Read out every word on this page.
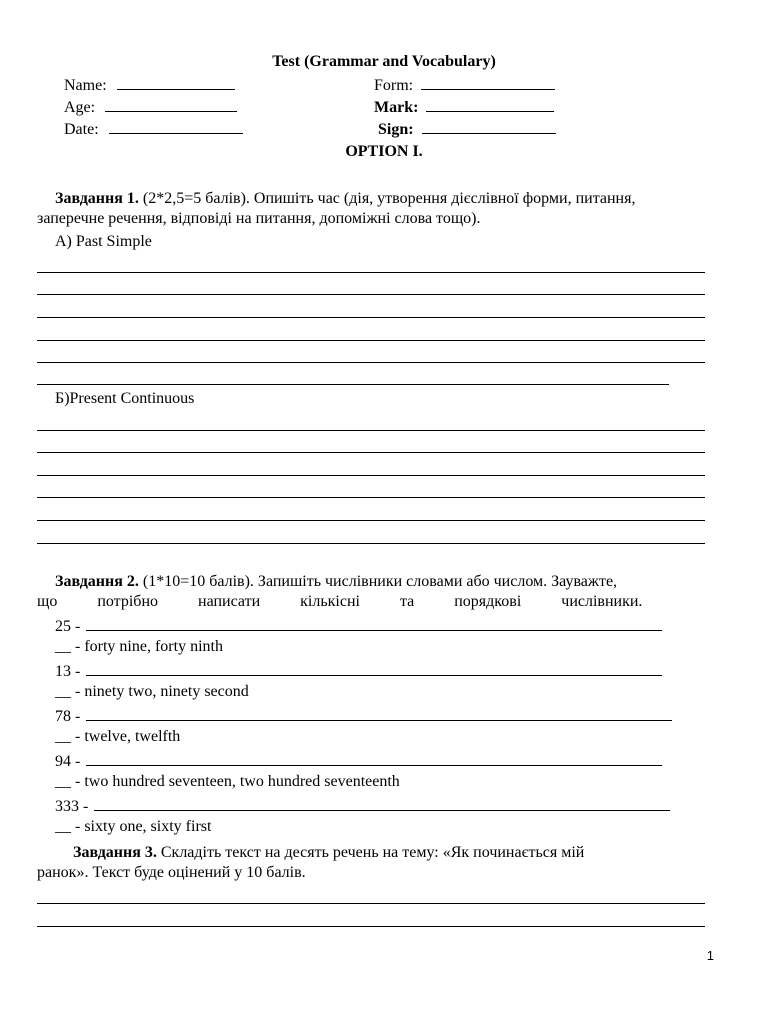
Test (Grammar and Vocabulary)
Name:
Age:
Date:
Form:
Mark:
Sign:
OPTION I.
Завдання 1. (2*2,5=5 балів). Опишіть час (дія, утворення дієслівної форми, питання,
заперечне речення, відповіді на питання, допоміжні слова тощо).
А) Past Simple
Б)Present Continuous
Завдання 2. (1*10=10 балів). Запишіть числівники словами або числом. Зауважте,
що потрібно написати кількісні та порядкові числівники.
25 -
__ - forty nine, forty ninth
13 -
__ - ninety two, ninety second
78 -
__ - twelve, twelfth
94 -
__ - two hundred seventeen, two hundred seventeenth
333 -
__ - sixty one, sixty first
Завдання 3. Складіть текст на десять речень на тему: «Як починається мій
ранок». Текст буде оцінений у 10 балів.
1
